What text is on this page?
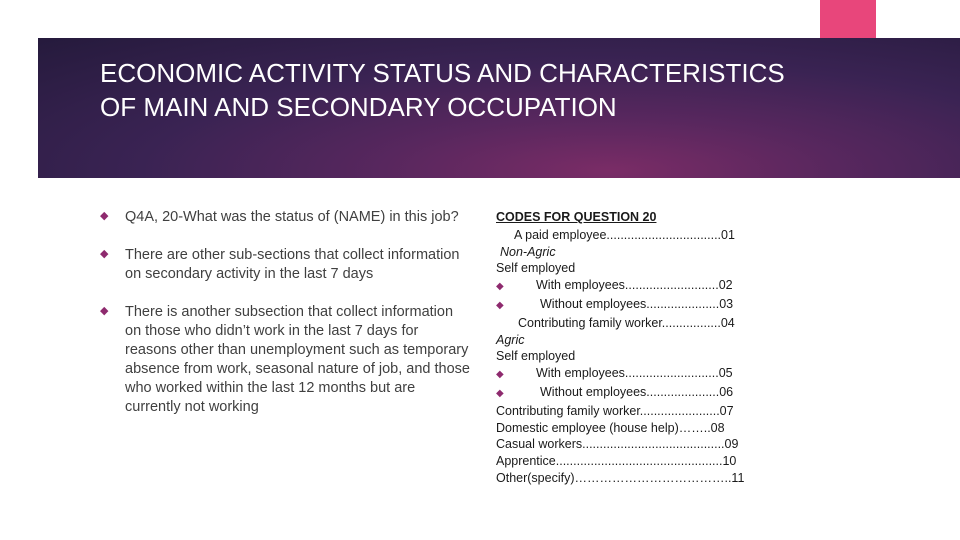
ECONOMIC ACTIVITY STATUS AND CHARACTERISTICS OF MAIN AND SECONDARY OCCUPATION
◆ Q4A, 20-What was the status of (NAME) in this job?
◆ There are other sub-sections that collect information on secondary activity in the last 7 days
◆ There is another subsection that collect information on those who didn’t work in the last 7 days for reasons other than unemployment such as temporary absence from work, seasonal nature of job, and those who worked within the last 12 months but are currently not working
CODES FOR QUESTION 20
A paid employee.................................01
Non-Agric
Self employed
◆	With employees...........................02
◆	Without employees.....................03
Contributing family worker.................04
Agric
Self employed
◆	With employees...........................05
◆	Without employees.....................06
Contributing family worker.......................07
Domestic employee (house help)……..08
Casual workers.........................................09
Apprentice................................................10
Other(specify)………………………………..11
